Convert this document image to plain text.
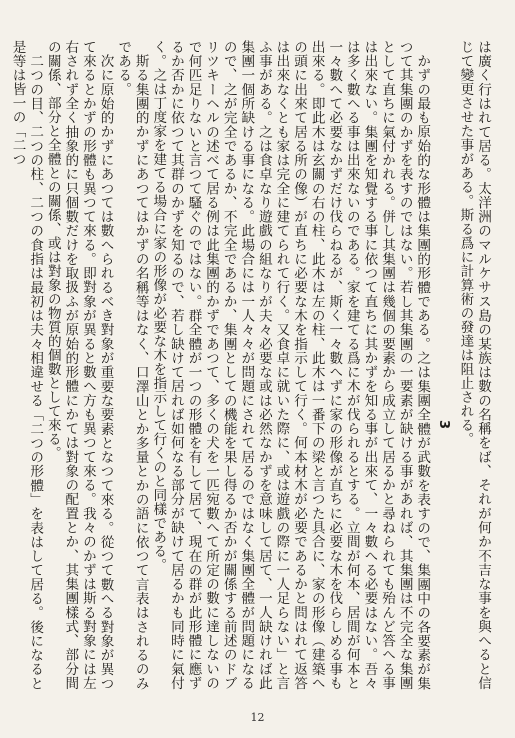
は廣く行はれて居る。太洋洲のマルケサス島の某族は數の名稱をば、それが何か不吉な事を與へると信じて變更させた事がある。斯る爲に計算術の發達は阻止される。

3

かずの最も原始的な形體は集團的形體である。之は集團全體が武數を表すので、集團中の各要素が集つて其集團のかずを表すのではない。若し其集團の一要素が缺ける事があれば、其集團は不完全な集團として直ちに氣付かれる。併し其集團は幾個の要素から成立して居るかと尋ねられても殆んど答へる事は出來ない。集團を知覺する事に依つて直ちに其かずを知る事が出來て、一々數へる必要はない。吾々は多く數へる事は出來ないのである。家を建てる爲に木が伐られるとする。立間が何本、居間が何本と一々數へて必要なかずだけ伐らねるが、斯く一々數へずに家の形像が直ちに必要な木を伐らしめる事も出來る。即此木は玄關の右の柱、此木は左の柱、此木は一番下の梁と言つた具合に、家の形像（建築への頭に出來て居る所の像）が直ちに必要な木を指示して行く。何本材木が必要であるかと問はれて返答は出來なくとも家は完全に建てられて行く。又食卓に就いた際に、或は遊戲の際に一人足らない」と言ふ事がある。之は食卓なり遊戲の組なりが夫々必要な或は必然なかずを意味して居て、一人缺ければ此集團一個所缺ける事になる。此場合には一人々々が問題にされて居るのではなく集團全體が問題になるので、之が完全であるか、不完全であるか、集團としての機能を果し得るか否かが關係する前述のドブリツキーヘルの述べて居る例は此集團的かずであつて、多くの犬を一匹宛數へて所定の數に達しないので何匹足りないと言つて騷ぐのではない。群全體が一つの形體を有して居て、現在の群が此形體に應ずるか否かに依つて其群のかずを知るので、若し缺けて居れば如何なる部分が缺けて居るかも同時に氣付く。之は丁度家を建てる場合に家の形像が必要な木を指示して行くのと同樣である。

斯る集團的かずにあつてはかずの名稱等はなく、口澤山とか多量とかの語に依つて言表はされるのみである。

次に原始的かずにあつては數へられるべき對象が重要な要素となつて來る。從つて數へる對象が異つて來るとかずの形體も異つて來る。即對象が異ると數へ方も異つて來る。我々のかずは斯る對象には左右されず全く抽象的に只個數だけを取扱ふが原始的形體にかては對象の配置とか、其集團樣式、部分間の關係、部分と全體との關係、或は對象の物質的個數として來る。

二つの目、二つの柱、二つの食指は最初は夫々相違せる「二つの形體」を表はして居る。後になると是等は皆一の「二つ

12
